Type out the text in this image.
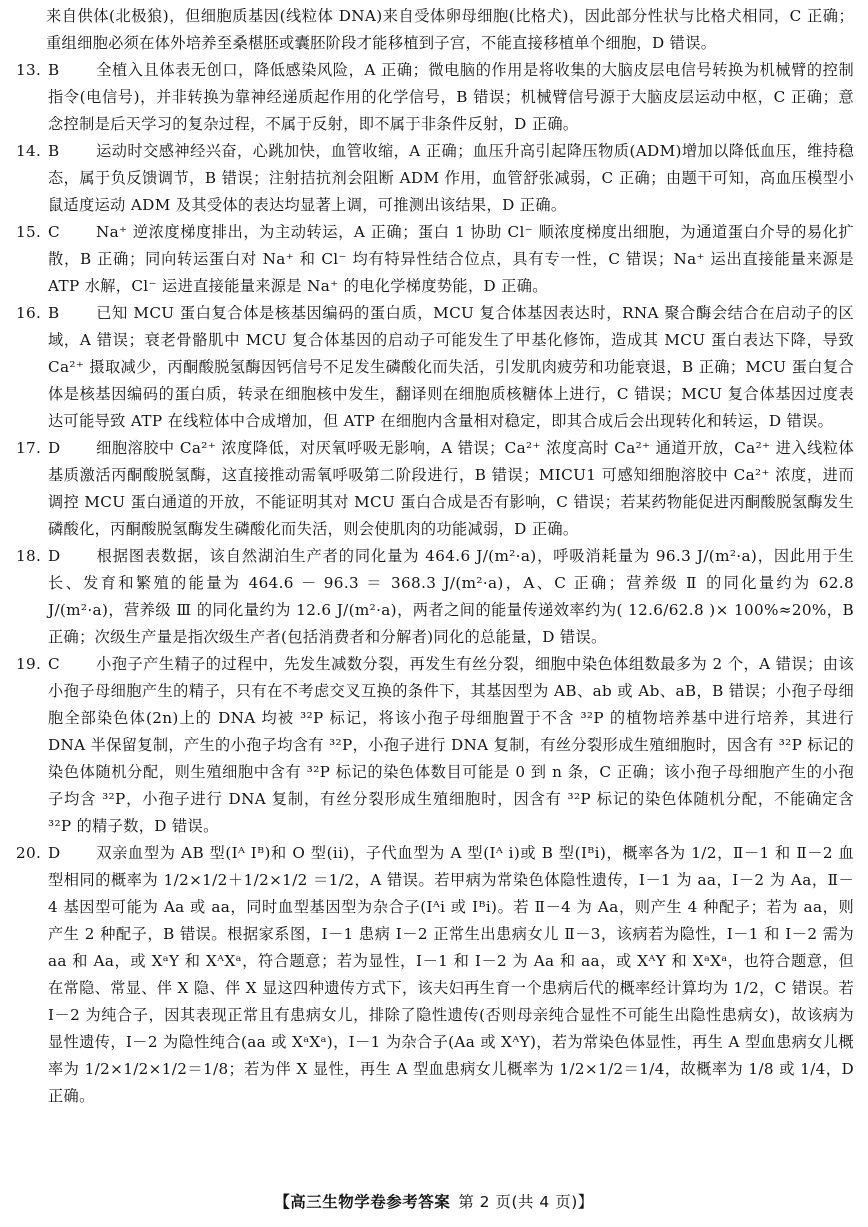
来自供体(北极狼)，但细胞质基因(线粒体 DNA)来自受体卵母细胞(比格犬)，因此部分性状与比格犬相同，C 正确；重组细胞必须在体外培养至桑椹胚或囊胚阶段才能移植到子宫，不能直接移植单个细胞，D 错误。

13. B 全植入且体表无创口，降低感染风险，A 正确；微电脑的作用是将收集的大脑皮层电信号转换为机械臂的控制指令(电信号)，并非转换为靠神经递质起作用的化学信号，B 错误；机械臂信号源于大脑皮层运动中枢，C 正确；意念控制是后天学习的复杂过程，不属于反射，即不属于非条件反射，D 正确。

14. B 运动时交感神经兴奋，心跳加快，血管收缩，A 正确；血压升高引起降压物质(ADM)增加以降低血压，维持稳态，属于负反馈调节，B 错误；注射拮抗剂会阻断 ADM 作用，血管舒张减弱，C 正确；由题干可知，高血压模型小鼠适度运动 ADM 及其受体的表达均显著上调，可推测出该结果，D 正确。

15. C Na⁺ 逆浓度梯度排出，为主动转运，A 正确；蛋白 1 协助 Cl⁻ 顺浓度梯度出细胞，为通道蛋白介导的易化扩散，B 正确；同向转运蛋白对 Na⁺ 和 Cl⁻ 均有特异性结合位点，具有专一性，C 错误；Na⁺ 运出直接能量来源是 ATP 水解，Cl⁻ 运进直接能量来源是 Na⁺ 的电化学梯度势能，D 正确。

16. B 已知 MCU 蛋白复合体是核基因编码的蛋白质，MCU 复合体基因表达时，RNA 聚合酶会结合在启动子的区域，A 错误；衰老骨骼肌中 MCU 复合体基因的启动子可能发生了甲基化修饰，造成其 MCU 蛋白表达下降，导致 Ca²⁺ 摄取减少，丙酮酸脱氢酶因钙信号不足发生磷酸化而失活，引发肌肉疲劳和功能衰退，B 正确；MCU 蛋白复合体是核基因编码的蛋白质，转录在细胞核中发生，翻译则在细胞质核糖体上进行，C 错误；MCU 复合体基因过度表达可能导致 ATP 在线粒体中合成增加，但 ATP 在细胞内含量相对稳定，即其合成后会出现转化和转运，D 错误。

17. D 细胞溶胶中 Ca²⁺ 浓度降低，对厌氧呼吸无影响，A 错误；Ca²⁺ 浓度高时 Ca²⁺ 通道开放，Ca²⁺ 进入线粒体基质激活丙酮酸脱氢酶，这直接推动需氧呼吸第二阶段进行，B 错误；MICU1 可感知细胞溶胶中 Ca²⁺ 浓度，进而调控 MCU 蛋白通道的开放，不能证明其对 MCU 蛋白合成是否有影响，C 错误；若某药物能促进丙酮酸脱氢酶发生磷酸化，丙酮酸脱氢酶发生磷酸化而失活，则会使肌肉的功能减弱，D 正确。

18. D 根据图表数据，该自然湖泊生产者的同化量为 464.6 J/(m²·a)，呼吸消耗量为 96.3 J/(m²·a)，因此用于生长、发育和繁殖的能量为 464.6 － 96.3 ＝ 368.3 J/(m²·a)，A、C 正确；营养级 Ⅱ 的同化量约为 62.8 J/(m²·a)，营养级 Ⅲ 的同化量约为 12.6 J/(m²·a)，两者之间的能量传递效率约为( 12.6/62.8 )× 100%≈20%，B 正确；次级生产量是指次级生产者(包括消费者和分解者)同化的总能量，D 错误。

19. C 小孢子产生精子的过程中，先发生减数分裂，再发生有丝分裂，细胞中染色体组数最多为 2 个，A 错误；由该小孢子母细胞产生的精子，只有在不考虑交叉互换的条件下，其基因型为 AB、ab 或 Ab、aB，B 错误；小孢子母细胞全部染色体(2n)上的 DNA 均被 ³²P 标记，将该小孢子母细胞置于不含 ³²P 的植物培养基中进行培养，其进行 DNA 半保留复制，产生的小孢子均含有 ³²P，小孢子进行 DNA 复制，有丝分裂形成生殖细胞时，因含有 ³²P 标记的染色体随机分配，则生殖细胞中含有 ³²P 标记的染色体数目可能是 0 到 n 条，C 正确；该小孢子母细胞产生的小孢子均含 ³²P，小孢子进行 DNA 复制，有丝分裂形成生殖细胞时，因含有 ³²P 标记的染色体随机分配，不能确定含 ³²P 的精子数，D 错误。

20. D 双亲血型为 AB 型(Iᴬ Iᴮ)和 O 型(ii)，子代血型为 A 型(Iᴬ i)或 B 型(Iᴮi)，概率各为 1/2，Ⅱ－1 和 Ⅱ－2 血型相同的概率为 1/2×1/2＋1/2×1/2 ＝1/2，A 错误。若甲病为常染色体隐性遗传，Ⅰ－1 为 aa，Ⅰ－2 为 Aa，Ⅱ－4 基因型可能为 Aa 或 aa，同时血型基因型为杂合子(Iᴬi 或 Iᴮi)。若 Ⅱ－4 为 Aa，则产生 4 种配子；若为 aa，则产生 2 种配子，B 错误。根据家系图，Ⅰ－1 患病 Ⅰ－2 正常生出患病女儿 Ⅱ－3，该病若为隐性，Ⅰ－1 和 Ⅰ－2 需为 aa 和 Aa，或 XᵃY 和 XᴬXᵃ，符合题意；若为显性，Ⅰ－1 和 Ⅰ－2 为 Aa 和 aa，或 XᴬY 和 XᵃXᵃ，也符合题意，但在常隐、常显、伴 X 隐、伴 X 显这四种遗传方式下，该夫妇再生育一个患病后代的概率经计算均为 1/2，C 错误。若 Ⅰ－2 为纯合子，因其表现正常且有患病女儿，排除了隐性遗传(否则母亲纯合显性不可能生出隐性患病女)，故该病为显性遗传，Ⅰ－2 为隐性纯合(aa 或 XᵃXᵃ)，Ⅰ－1 为杂合子(Aa 或 XᴬY)，若为常染色体显性，再生 A 型血患病女儿概率为 1/2×1/2×1/2＝1/8；若为伴 X 显性，再生 A 型血患病女儿概率为 1/2×1/2＝1/4，故概率为 1/8 或 1/4，D 正确。

【高三生物学卷参考答案 第 2 页(共 4 页)】
